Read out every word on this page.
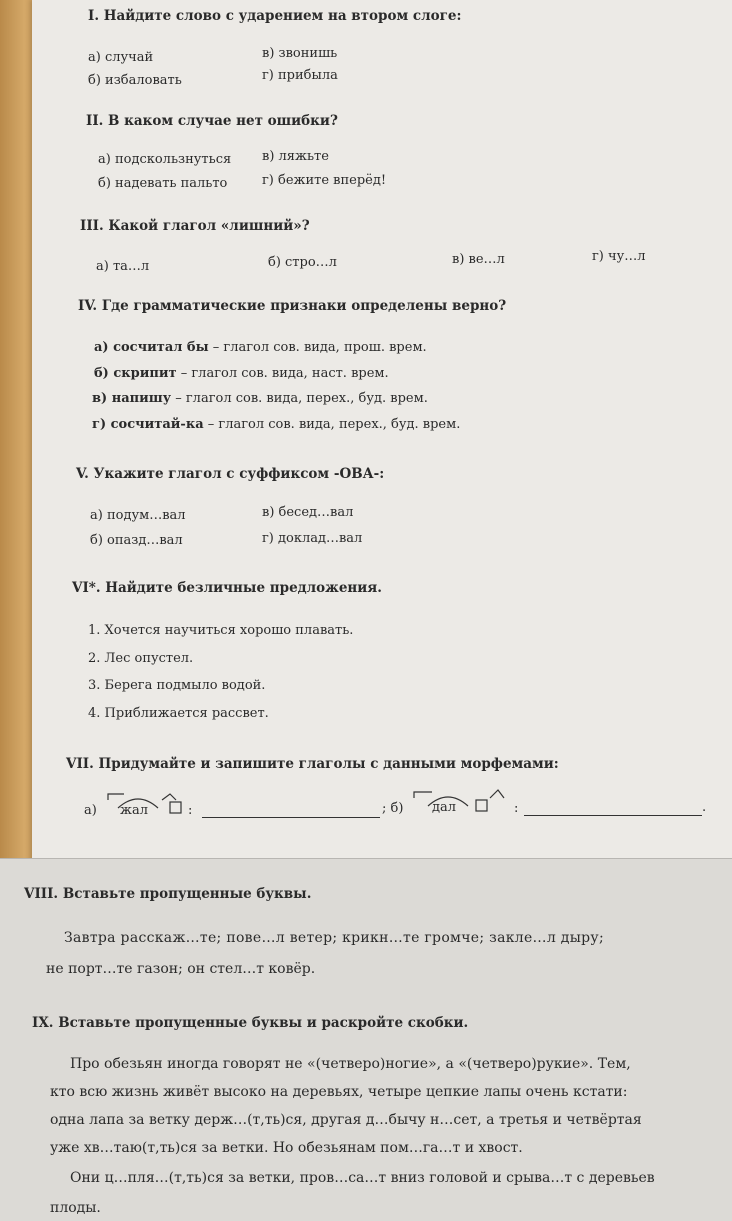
I. Найдите слово с ударением на втором слоге:
а) случай
б) избаловать
в) звонишь
г) прибыла
II. В каком случае нет ошибки?
а) подскользнуться
б) надевать пальто
в) ляжьте
г) бежите вперёд!
III. Какой глагол «лишний»?
а) та…л	б) стро…л	в) ве…л	г) чу…л
IV. Где грамматические признаки определены верно?
а) сосчитал бы – глагол сов. вида, прош. врем.
б) скрипит – глагол сов. вида, наст. врем.
в) напишу – глагол сов. вида, перех., буд. врем.
г) сосчитай-ка – глагол сов. вида, перех., буд. врем.
V. Укажите глагол с суффиксом -ОВА-:
а) подум…вал
б) опазд…вал
в) бесед…вал
г) доклад…вал
VI*. Найдите безличные предложения.
1. Хочется научиться хорошо плавать.
2. Лес опустел.
3. Берега подмыло водой.
4. Приближается рассвет.
VII. Придумайте и запишите глаголы с данными морфемами:
а) жал	:	; б) дал	:	.
VIII. Вставьте пропущенные буквы.
Завтра расскаж…те; пове…л ветер; крикн…те громче; закле…л дыру;
не порт…те газон; он стел…т ковёр.
IX. Вставьте пропущенные буквы и раскройте скобки.
Про обезьян иногда говорят не «(четверо)ногие», а «(четверо)рукие». Тем,
кто всю жизнь живёт высоко на деревьях, четыре цепкие лапы очень кстати:
одна лапа за ветку держ…(т,ть)ся, другая д…бычу н…сет, а третья и четвёртая
уже хв…таю(т,ть)ся за ветки. Но обезьянам пом…га…т и хвост.
Они ц…пля…(т,ть)ся за ветки, пров…са…т вниз головой и срыва…т с деревьев
плоды.
